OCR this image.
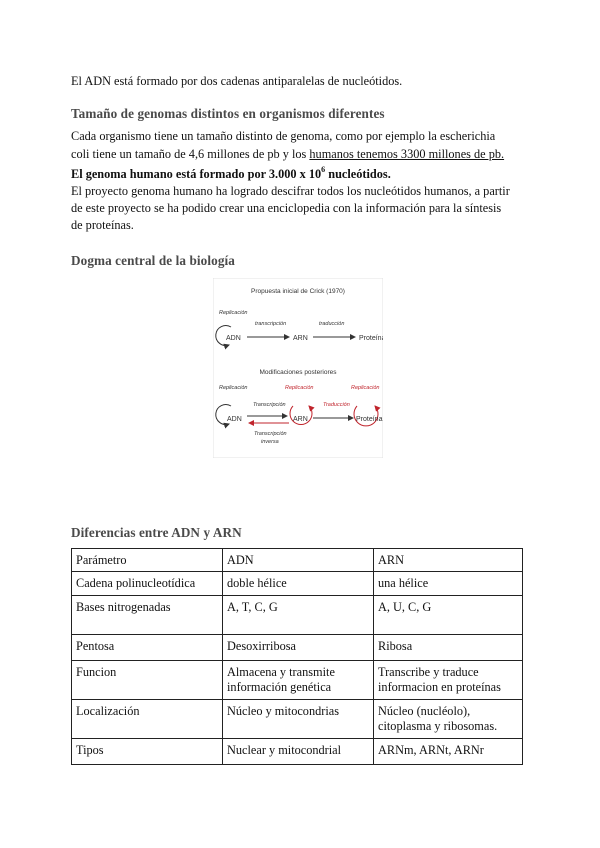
El ADN está formado por dos cadenas antiparalelas de nucleótidos.
Tamaño de genomas distintos en organismos diferentes
Cada organismo tiene un tamaño distinto de genoma, como por ejemplo la escherichia
coli tiene un tamaño de 4,6 millones de pb y los humanos tenemos 3300 millones de pb.
El genoma humano está formado por 3.000 x $10^6$ nucleótidos.
El proyecto genoma humano ha logrado descifrar todos los nucleótidos humanos, a partir
de este proyecto se ha podido crear una enciclopedia con la información para la síntesis
de proteínas.
Dogma central de la biología
Propuesta inicial de Crick (1970)
Replicación
ADN
transcripción
ARN
traducción
Proteína
Modificaciones posteriores
Replicación	Replicación	Replicación
ADN
Transcripción
Transcripción
inversa
ARN
Traducción
Proteína
Diferencias entre ADN y ARN
Parámetro	ADN	ARN
Cadena polinucleotídica	doble hélice	una hélice
Bases nitrogenadas	A, T, C, G	A, U, C, G
Pentosa	Desoxirribosa	Ribosa
Funcion	Almacena y transmite información genética	Transcribe y traduce informacion en proteínas
Localización	Núcleo y mitocondrias	Núcleo (nucléolo), citoplasma y ribosomas.
Tipos	Nuclear y mitocondrial	ARNm, ARNt, ARNr
